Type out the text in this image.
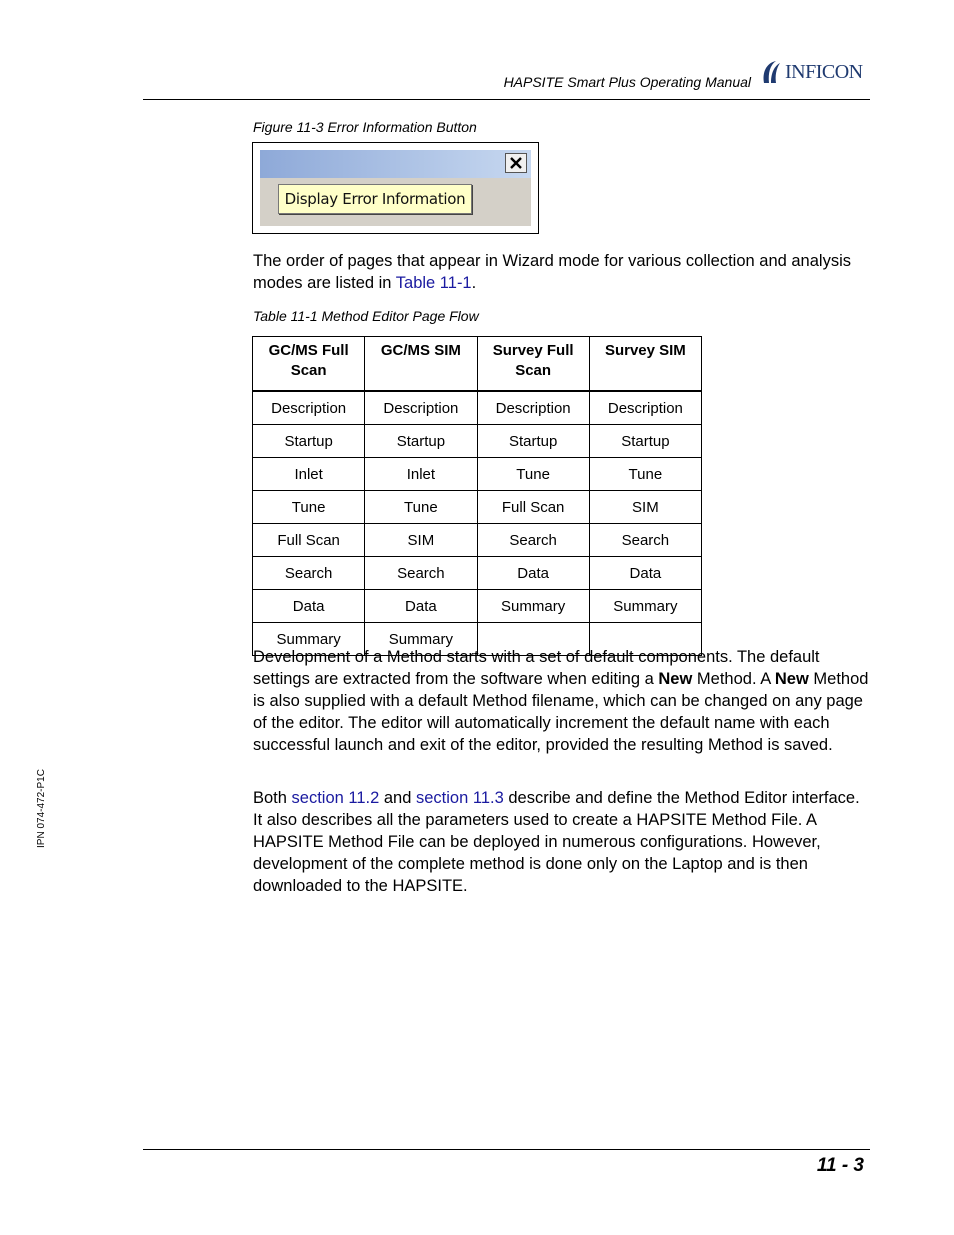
HAPSITE Smart Plus Operating Manual INFICON
Figure 11-3 Error Information Button
Display Error Information
The order of pages that appear in Wizard mode for various collection and analysis modes are listed in Table 11-1.
Table 11-1 Method Editor Page Flow
GC/MS Full Scan	GC/MS SIM	Survey Full Scan	Survey SIM
Description	Description	Description	Description
Startup	Startup	Startup	Startup
Inlet	Inlet	Tune	Tune
Tune	Tune	Full Scan	SIM
Full Scan	SIM	Search	Search
Search	Search	Data	Data
Data	Data	Summary	Summary
Summary	Summary		
Development of a Method starts with a set of default components. The default settings are extracted from the software when editing a New Method. A New Method is also supplied with a default Method filename, which can be changed on any page of the editor. The editor will automatically increment the default name with each successful launch and exit of the editor, provided the resulting Method is saved.
Both section 11.2 and section 11.3 describe and define the Method Editor interface. It also describes all the parameters used to create a HAPSITE Method File. A HAPSITE Method File can be deployed in numerous configurations. However, development of the complete method is done only on the Laptop and is then downloaded to the HAPSITE.
IPN 074-472-P1C
11 - 3
